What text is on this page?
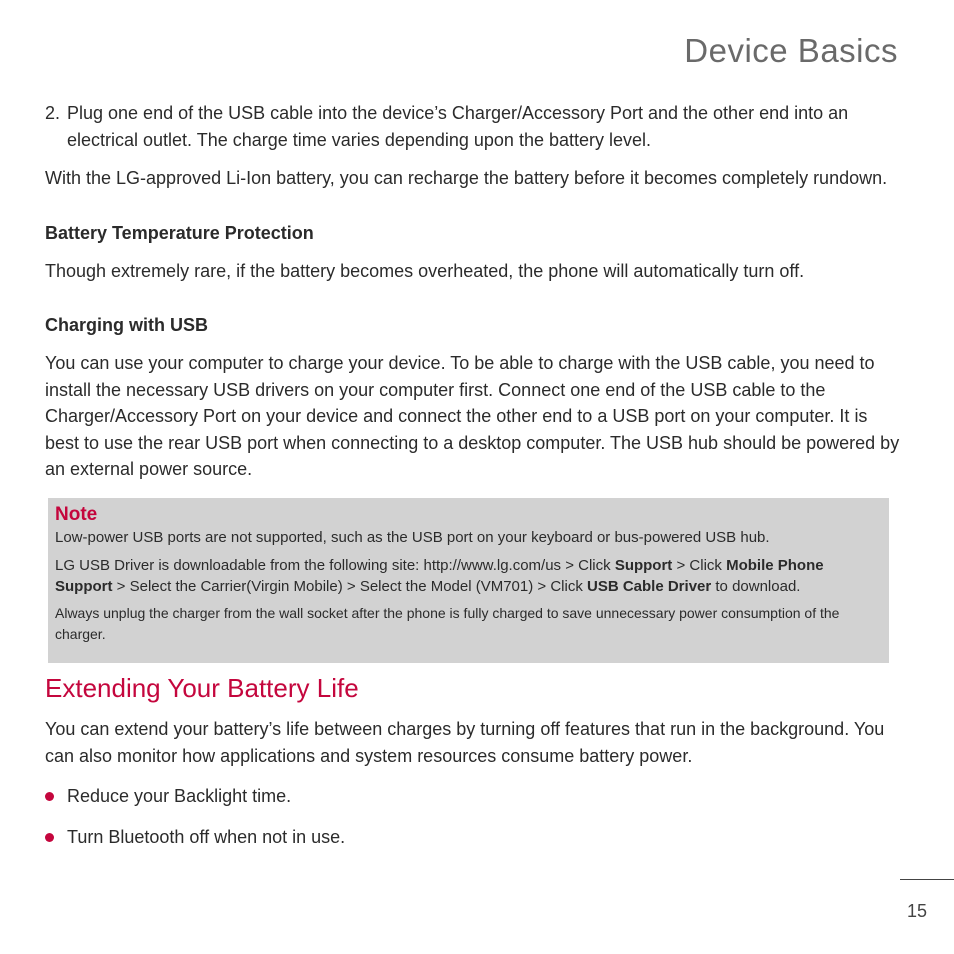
Device Basics
2. Plug one end of the USB cable into the device’s Charger/Accessory Port and the other end into an electrical outlet. The charge time varies depending upon the battery level.

With the LG-approved Li-Ion battery, you can recharge the battery before it becomes completely rundown.

Battery Temperature Protection

Though extremely rare, if the battery becomes overheated, the phone will automatically turn off.

Charging with USB

You can use your computer to charge your device. To be able to charge with the USB cable, you need to install the necessary USB drivers on your computer first. Connect one end of the USB cable to the Charger/Accessory Port on your device and connect the other end to a USB port on your computer. It is best to use the rear USB port when connecting to a desktop computer. The USB hub should be powered by an external power source.

Note

Low-power USB ports are not supported, such as the USB port on your keyboard or bus-powered USB hub.

LG USB Driver is downloadable from the following site: http://www.lg.com/us > Click Support > Click Mobile Phone Support > Select the Carrier(Virgin Mobile) > Select the Model (VM701) > Click USB Cable Driver to download.

Always unplug the charger from the wall socket after the phone is fully charged to save unnecessary power consumption of the charger.

Extending Your Battery Life

You can extend your battery’s life between charges by turning off features that run in the background. You can also monitor how applications and system resources consume battery power.

Reduce your Backlight time.
Turn Bluetooth off when not in use.
15
